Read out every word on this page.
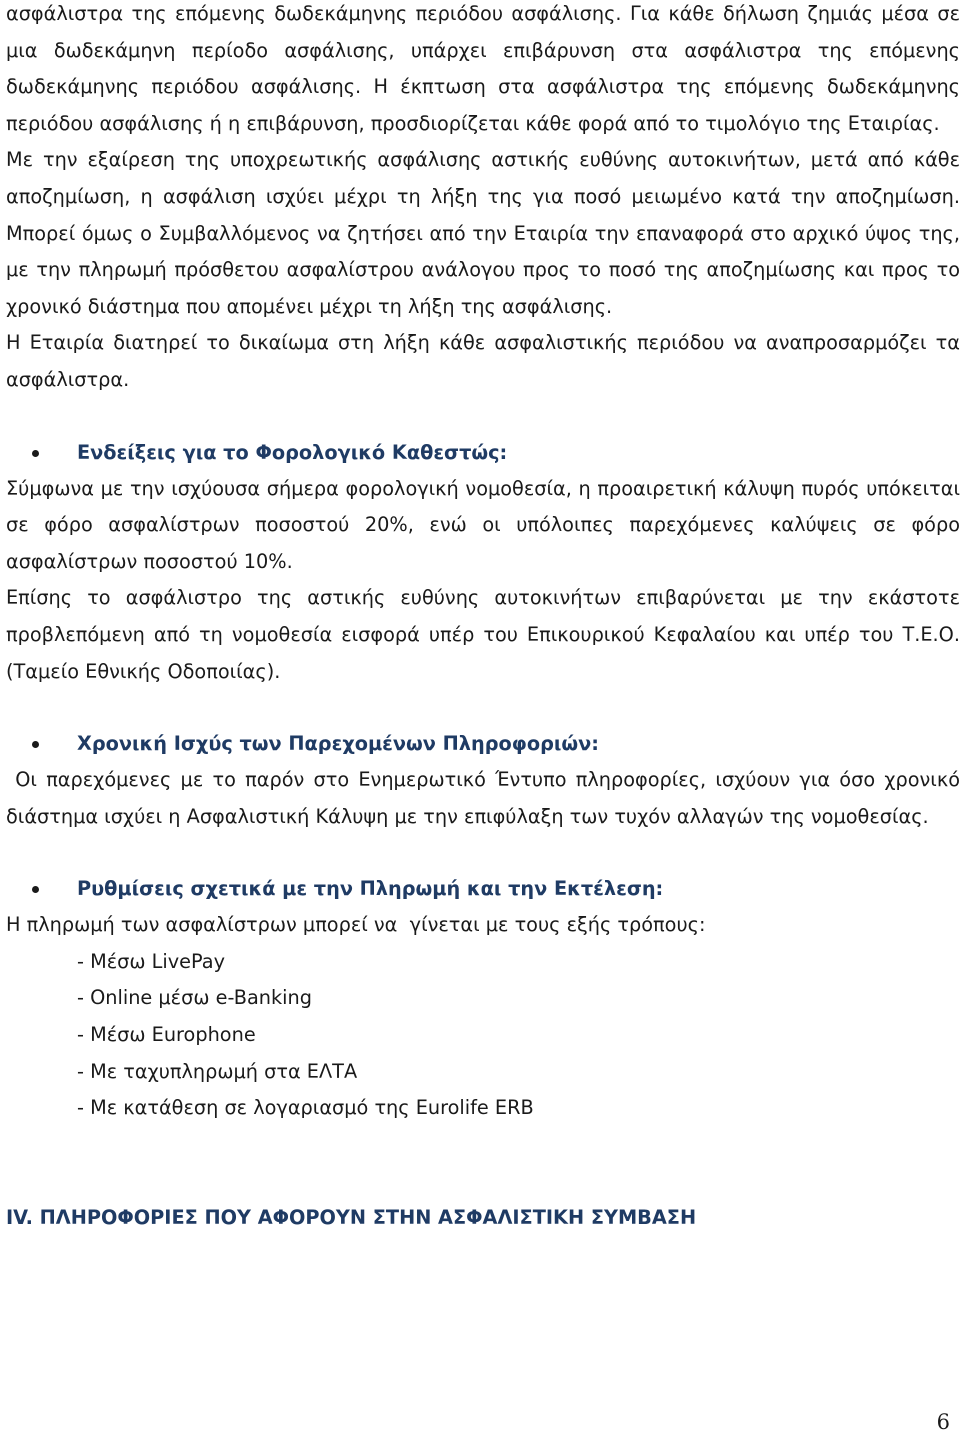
ασφάλιστρα της επόμενης δωδεκάμηνης περιόδου ασφάλισης. Για κάθε δήλωση ζημιάς μέσα σε μια δωδεκάμηνη περίοδο ασφάλισης, υπάρχει επιβάρυνση στα ασφάλιστρα της επόμενης δωδεκάμηνης περιόδου ασφάλισης. Η έκπτωση στα ασφάλιστρα της επόμενης δωδεκάμηνης περιόδου ασφάλισης ή η επιβάρυνση, προσδιορίζεται κάθε φορά από το τιμολόγιο της Εταιρίας.

Με την εξαίρεση της υποχρεωτικής ασφάλισης αστικής ευθύνης αυτοκινήτων, μετά από κάθε αποζημίωση, η ασφάλιση ισχύει μέχρι τη λήξη της για ποσό μειωμένο κατά την αποζημίωση. Μπορεί όμως ο Συμβαλλόμενος να ζητήσει από την Εταιρία την επαναφορά στο αρχικό ύψος της, με την πληρωμή πρόσθετου ασφαλίστρου ανάλογου προς το ποσό της αποζημίωσης και προς το χρονικό διάστημα που απομένει μέχρι τη λήξη της ασφάλισης.

Η Εταιρία διατηρεί το δικαίωμα στη λήξη κάθε ασφαλιστικής περιόδου να αναπροσαρμόζει τα ασφάλιστρα.

Ενδείξεις για το Φορολογικό Καθεστώς:

Σύμφωνα με την ισχύουσα σήμερα φορολογική νομοθεσία, η προαιρετική κάλυψη πυρός υπόκειται σε φόρο ασφαλίστρων ποσοστού 20%, ενώ οι υπόλοιπες παρεχόμενες καλύψεις σε φόρο ασφαλίστρων ποσοστού 10%.

Επίσης το ασφάλιστρο της αστικής ευθύνης αυτοκινήτων επιβαρύνεται με την εκάστοτε προβλεπόμενη από τη νομοθεσία εισφορά υπέρ του Επικουρικού Κεφαλαίου και υπέρ του Τ.Ε.Ο. (Ταμείο Εθνικής Οδοποιίας).

Χρονική Ισχύς των Παρεχομένων Πληροφοριών:

Οι παρεχόμενες με το παρόν στο Ενημερωτικό Έντυπο πληροφορίες, ισχύουν για όσο χρονικό διάστημα ισχύει η Ασφαλιστική Κάλυψη με την επιφύλαξη των τυχόν αλλαγών της νομοθεσίας.

Ρυθμίσεις σχετικά με την Πληρωμή και την Εκτέλεση:

Η πληρωμή των ασφαλίστρων μπορεί να  γίνεται με τους εξής τρόπους:

- Μέσω LivePay
- Online μέσω e-Banking
- Μέσω Europhone
- Με ταχυπληρωμή στα ΕΛΤΑ
- Με κατάθεση σε λογαριασμό της Eurolife ERB

IV. ΠΛΗΡΟΦΟΡΙΕΣ ΠΟΥ ΑΦΟΡΟΥΝ ΣΤΗΝ ΑΣΦΑΛΙΣΤΙΚΗ ΣΥΜΒΑΣΗ

6
